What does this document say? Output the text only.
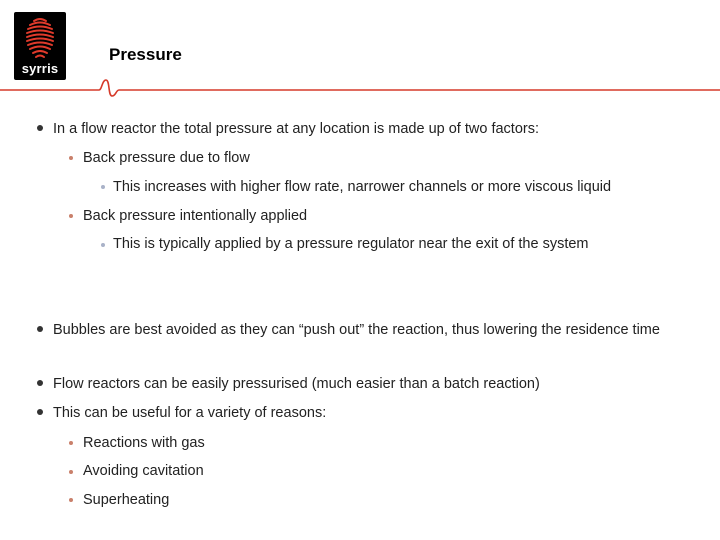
syrris
Pressure
In a flow reactor the total pressure at any location is made up of two factors:
Back pressure due to flow
This increases with higher flow rate, narrower channels or more viscous liquid
Back pressure intentionally applied
This is typically applied by a pressure regulator near the exit of the system
Bubbles are best avoided as they can “push out” the reaction, thus lowering the residence time
Flow reactors can be easily pressurised (much easier than a batch reaction)
This can be useful for a variety of reasons:
Reactions with gas
Avoiding cavitation
Superheating
